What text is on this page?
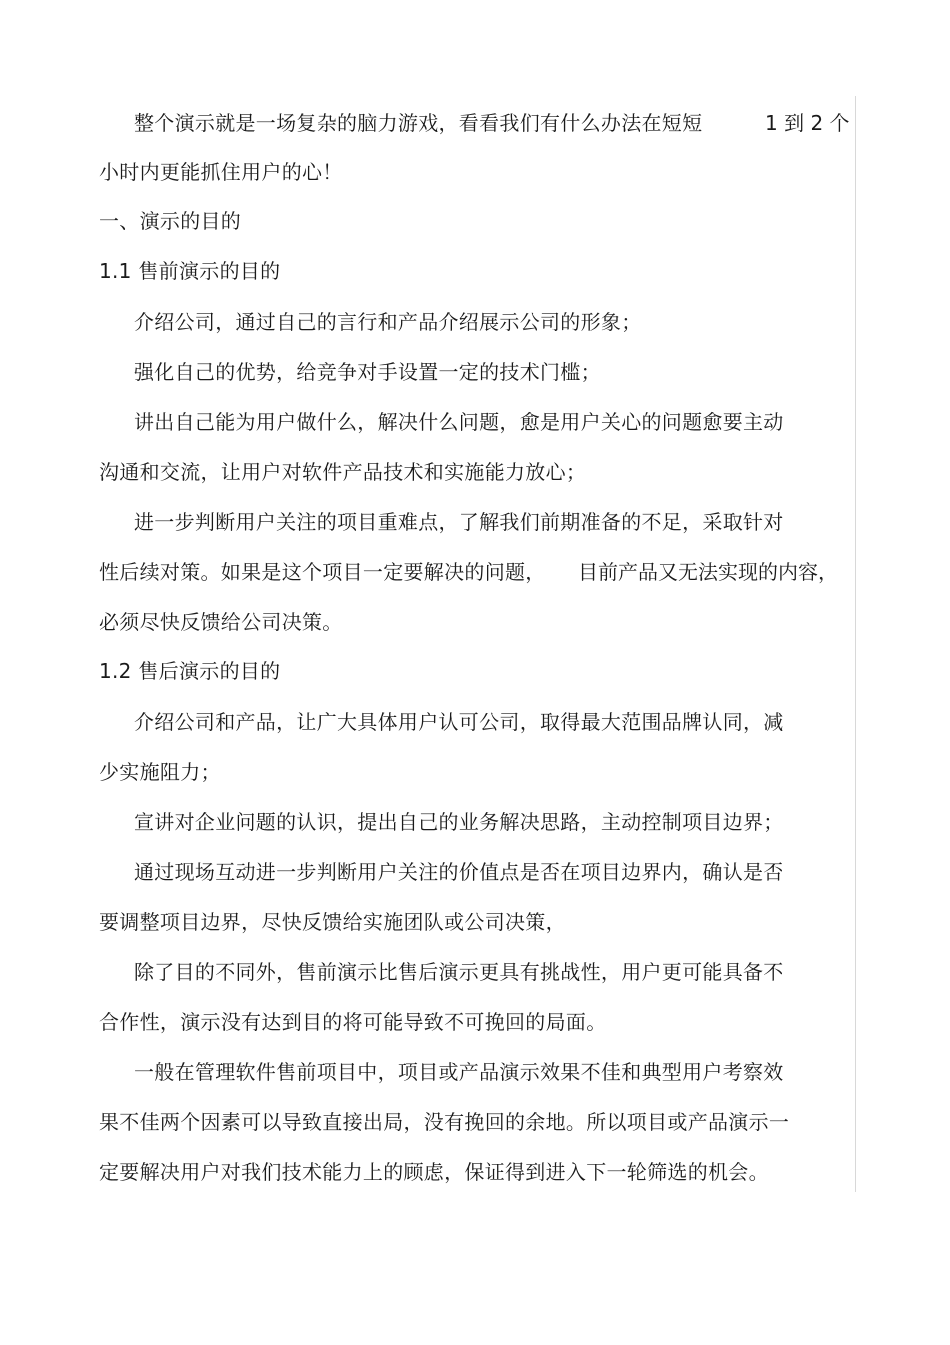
整个演示就是一场复杂的脑力游戏，看看我们有什么办法在短短	1 到 2 个
小时内更能抓住用户的心！
一、演示的目的
1.1 售前演示的目的
介绍公司，通过自己的言行和产品介绍展示公司的形象；
强化自己的优势，给竞争对手设置一定的技术门槛；
讲出自己能为用户做什么，解决什么问题，愈是用户关心的问题愈要主动
沟通和交流，让用户对软件产品技术和实施能力放心；
进一步判断用户关注的项目重难点，了解我们前期准备的不足，采取针对
性后续对策。如果是这个项目一定要解决的问题， 目前产品又无法实现的内容，
必须尽快反馈给公司决策。
1.2 售后演示的目的
介绍公司和产品，让广大具体用户认可公司，取得最大范围品牌认同，减
少实施阻力；
宣讲对企业问题的认识，提出自己的业务解决思路，主动控制项目边界；
通过现场互动进一步判断用户关注的价值点是否在项目边界内，确认是否
要调整项目边界，尽快反馈给实施团队或公司决策，
除了目的不同外，售前演示比售后演示更具有挑战性，用户更可能具备不
合作性，演示没有达到目的将可能导致不可挽回的局面。
一般在管理软件售前项目中，项目或产品演示效果不佳和典型用户考察效
果不佳两个因素可以导致直接出局，没有挽回的余地。所以项目或产品演示一
定要解决用户对我们技术能力上的顾虑，保证得到进入下一轮筛选的机会。
